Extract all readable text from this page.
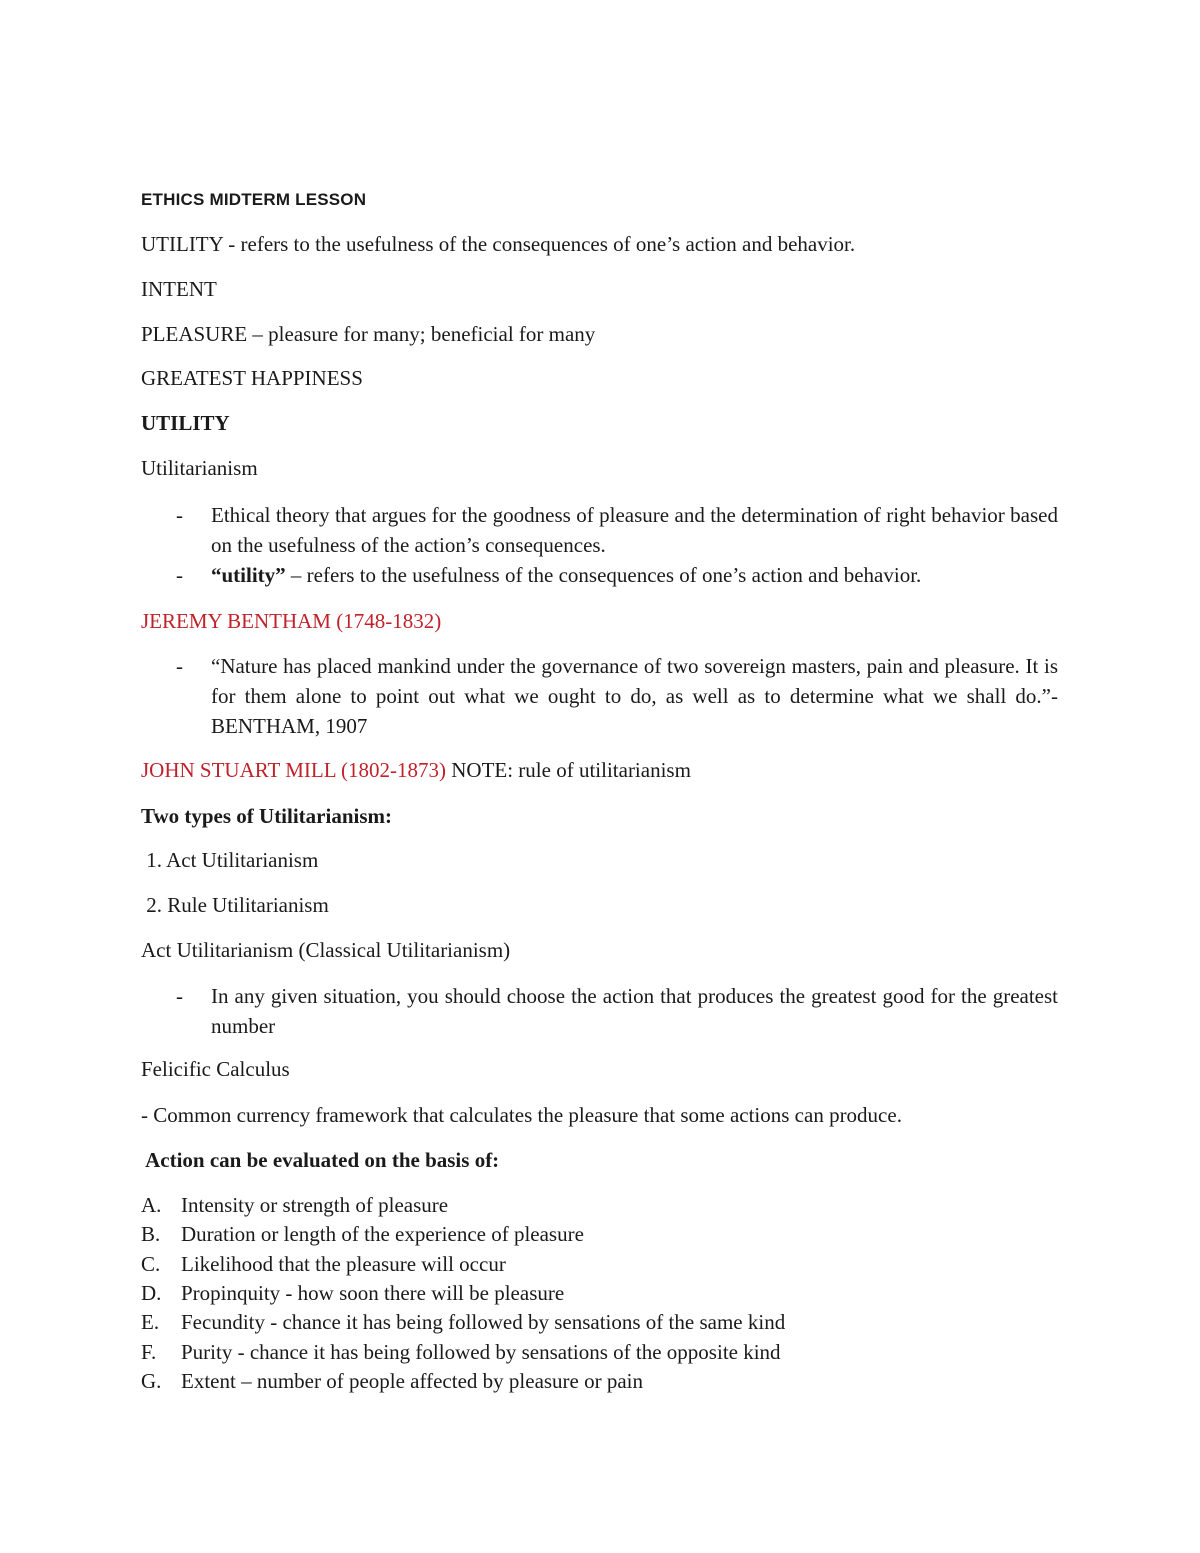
ETHICS MIDTERM LESSON
UTILITY - refers to the usefulness of the consequences of one’s action and behavior.
INTENT
PLEASURE – pleasure for many; beneficial for many
GREATEST HAPPINESS
UTILITY
Utilitarianism
- Ethical theory that argues for the goodness of pleasure and the determination of right behavior based on the usefulness of the action’s consequences.
- “utility” – refers to the usefulness of the consequences of one’s action and behavior.
JEREMY BENTHAM (1748-1832)
- “Nature has placed mankind under the governance of two sovereign masters, pain and pleasure. It is for them alone to point out what we ought to do, as well as to determine what we shall do.”- BENTHAM, 1907
JOHN STUART MILL (1802-1873) NOTE: rule of utilitarianism
Two types of Utilitarianism:
1. Act Utilitarianism
2. Rule Utilitarianism
Act Utilitarianism (Classical Utilitarianism)
- In any given situation, you should choose the action that produces the greatest good for the greatest number
Felicific Calculus
- Common currency framework that calculates the pleasure that some actions can produce.
Action can be evaluated on the basis of:
A. Intensity or strength of pleasure
B. Duration or length of the experience of pleasure
C. Likelihood that the pleasure will occur
D. Propinquity - how soon there will be pleasure
E. Fecundity - chance it has being followed by sensations of the same kind
F. Purity - chance it has being followed by sensations of the opposite kind
G. Extent – number of people affected by pleasure or pain
